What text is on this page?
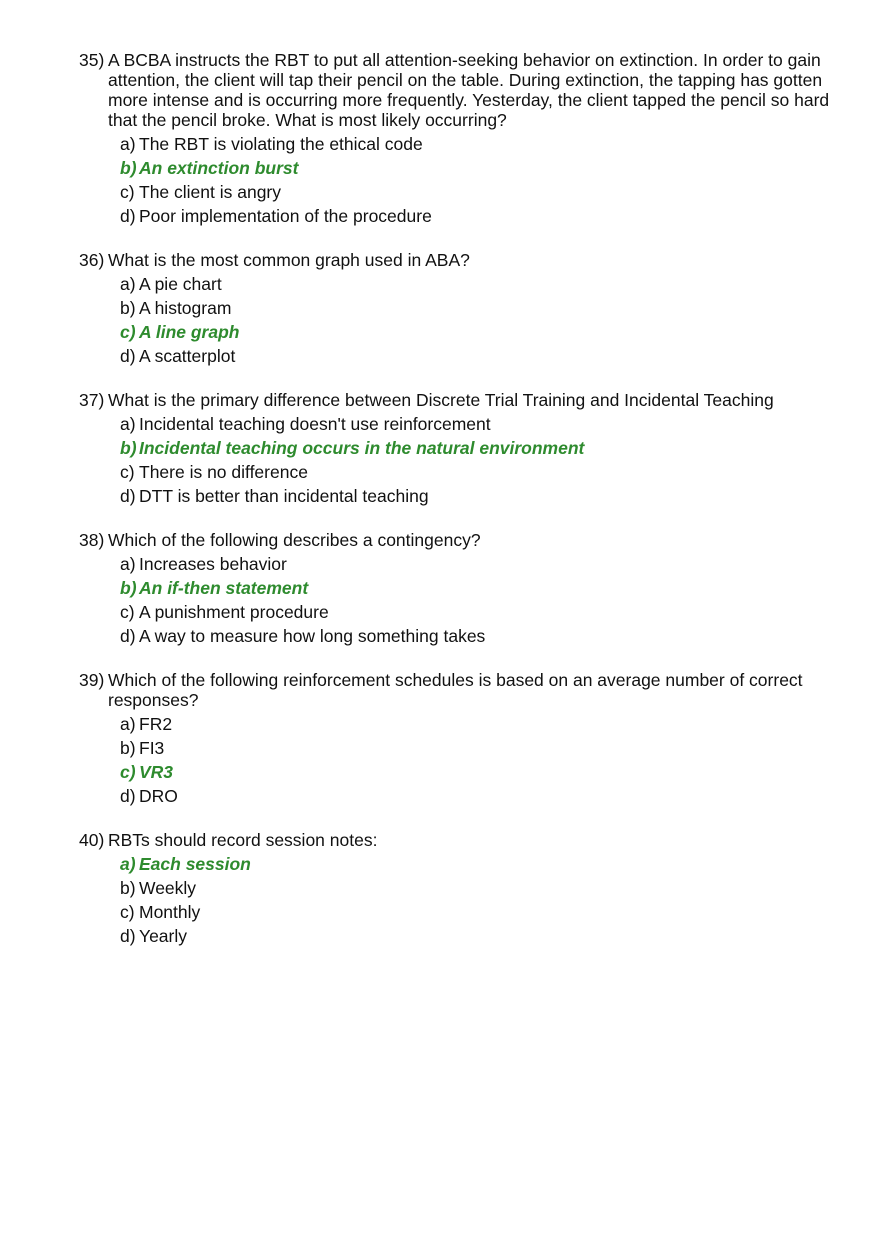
35) A BCBA instructs the RBT to put all attention-seeking behavior on extinction. In order to gain attention, the client will tap their pencil on the table. During extinction, the tapping has gotten more intense and is occurring more frequently. Yesterday, the client tapped the pencil so hard that the pencil broke. What is most likely occurring?
a) The RBT is violating the ethical code
b) An extinction burst
c) The client is angry
d) Poor implementation of the procedure
36) What is the most common graph used in ABA?
a) A pie chart
b) A histogram
c) A line graph
d) A scatterplot
37) What is the primary difference between Discrete Trial Training and Incidental Teaching
a) Incidental teaching doesn't use reinforcement
b) Incidental teaching occurs in the natural environment
c) There is no difference
d) DTT is better than incidental teaching
38) Which of the following describes a contingency?
a) Increases behavior
b) An if-then statement
c) A punishment procedure
d) A way to measure how long something takes
39) Which of the following reinforcement schedules is based on an average number of correct responses?
a) FR2
b) FI3
c) VR3
d) DRO
40) RBTs should record session notes:
a) Each session
b) Weekly
c) Monthly
d) Yearly
